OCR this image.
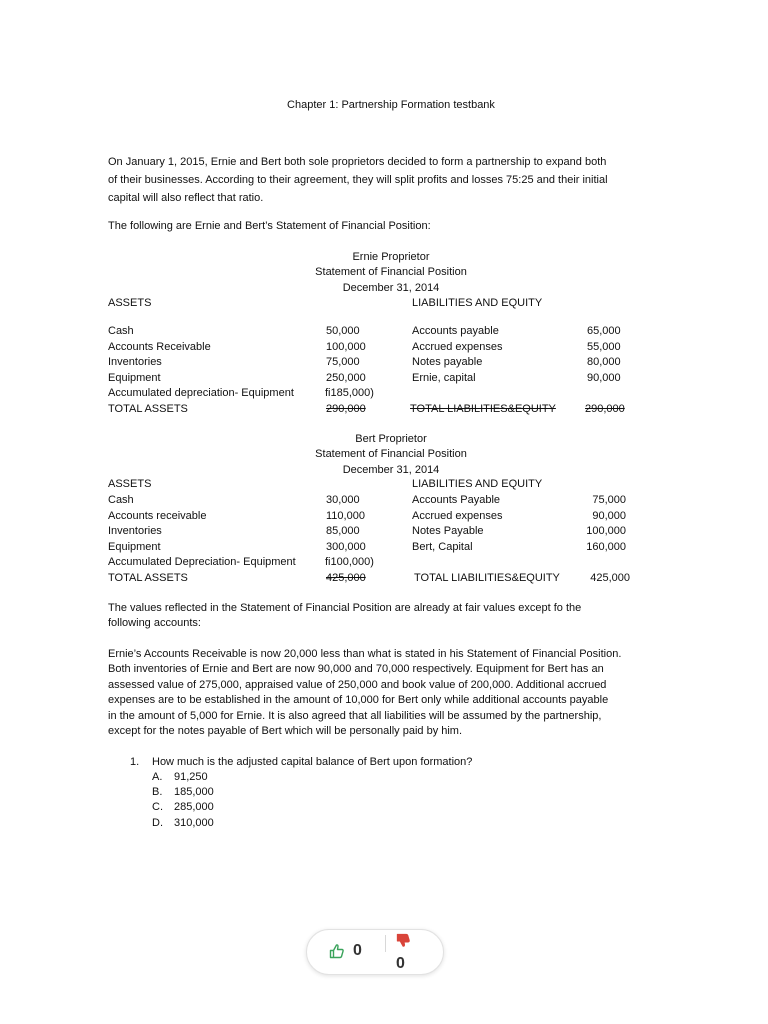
Chapter 1: Partnership Formation testbank
On January 1, 2015, Ernie and Bert both sole proprietors decided to form a partnership to expand both
of their businesses. According to their agreement, they will split profits and losses 75:25 and their initial
capital will also reflect that ratio.
The following are Ernie and Bert’s Statement of Financial Position:
Ernie Proprietor
Statement of Financial Position
December 31, 2014
ASSETS	LIABILITIES AND EQUITY
Cash	50,000	Accounts payable	65,000
Accounts Receivable	100,000	Accrued expenses	55,000
Inventories	75,000	Notes payable	80,000
Equipment	250,000	Ernie, capital	90,000
Accumulated depreciation- Equipment	fi185,000)
TOTAL ASSETS	290,000	TOTAL LIABILITIES&EQUITY	290,000
Bert Proprietor
Statement of Financial Position
December 31, 2014
ASSETS	LIABILITIES AND EQUITY
Cash	30,000	Accounts Payable	75,000
Accounts receivable	110,000	Accrued expenses	90,000
Inventories	85,000	Notes Payable	100,000
Equipment	300,000	Bert, Capital	160,000
Accumulated Depreciation- Equipment	fi100,000)
TOTAL ASSETS	425,000	TOTAL LIABILITIES&EQUITY	425,000
The values reflected in the Statement of Financial Position are already at fair values except fo the
following accounts:
Ernie’s Accounts Receivable is now 20,000 less than what is stated in his Statement of Financial Position.
Both inventories of Ernie and Bert are now 90,000 and 70,000 respectively. Equipment for Bert has an
assessed value of 275,000, appraised value of 250,000 and book value of 200,000. Additional accrued
expenses are to be established in the amount of 10,000 for Bert only while additional accounts payable
in the amount of 5,000 for Ernie. It is also agreed that all liabilities will be assumed by the partnership,
except for the notes payable of Bert which will be personally paid by him.
1. How much is the adjusted capital balance of Bert upon formation?
A. 91,250
B. 185,000
C. 285,000
D. 310,000
0
0
